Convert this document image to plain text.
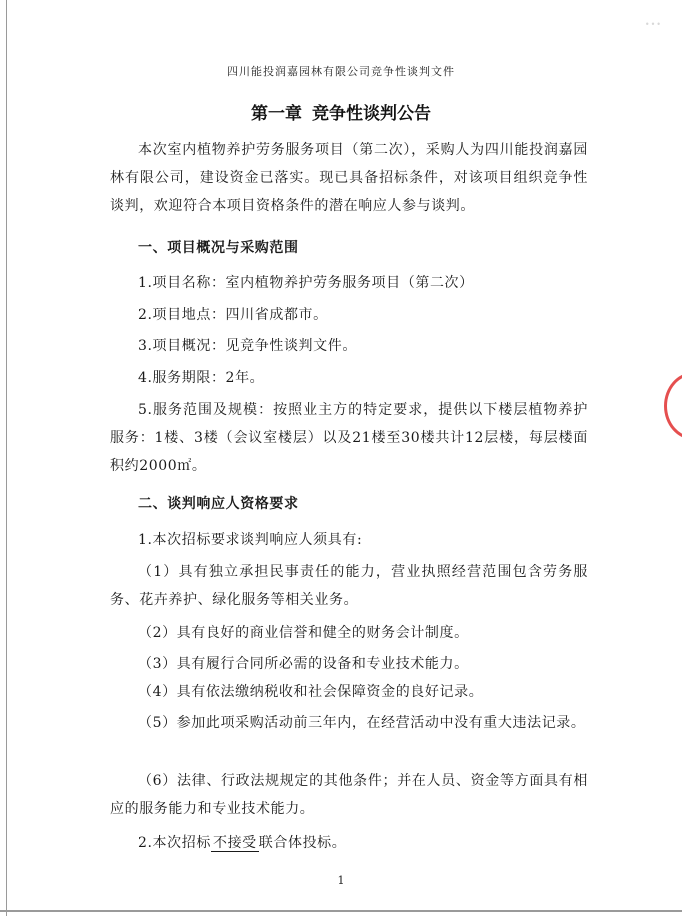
•••
四川能投润嘉园林有限公司竞争性谈判文件
第一章 竞争性谈判公告

本次室内植物养护劳务服务项目（第二次），采购人为四川能投润嘉园林有限公司，建设资金已落实。现已具备招标条件，对该项目组织竞争性谈判，欢迎符合本项目资格条件的潜在响应人参与谈判。

一、项目概况与采购范围

1.项目名称：室内植物养护劳务服务项目（第二次）

2.项目地点：四川省成都市。

3.项目概况：见竞争性谈判文件。

4.服务期限：2年。

5.服务范围及规模：按照业主方的特定要求，提供以下楼层植物养护服务：1楼、3楼（会议室楼层）以及21楼至30楼共计12层楼，每层楼面积约2000㎡。

二、谈判响应人资格要求

1.本次招标要求谈判响应人须具有:

（1）具有独立承担民事责任的能力，营业执照经营范围包含劳务服务、花卉养护、绿化服务等相关业务。

（2）具有良好的商业信誉和健全的财务会计制度。

（3）具有履行合同所必需的设备和专业技术能力。

（4）具有依法缴纳税收和社会保障资金的良好记录。

（5）参加此项采购活动前三年内，在经营活动中没有重大违法记录。

（6）法律、行政法规规定的其他条件；并在人员、资金等方面具有相应的服务能力和专业技术能力。

2.本次招标 不接受 联合体投标。

1
